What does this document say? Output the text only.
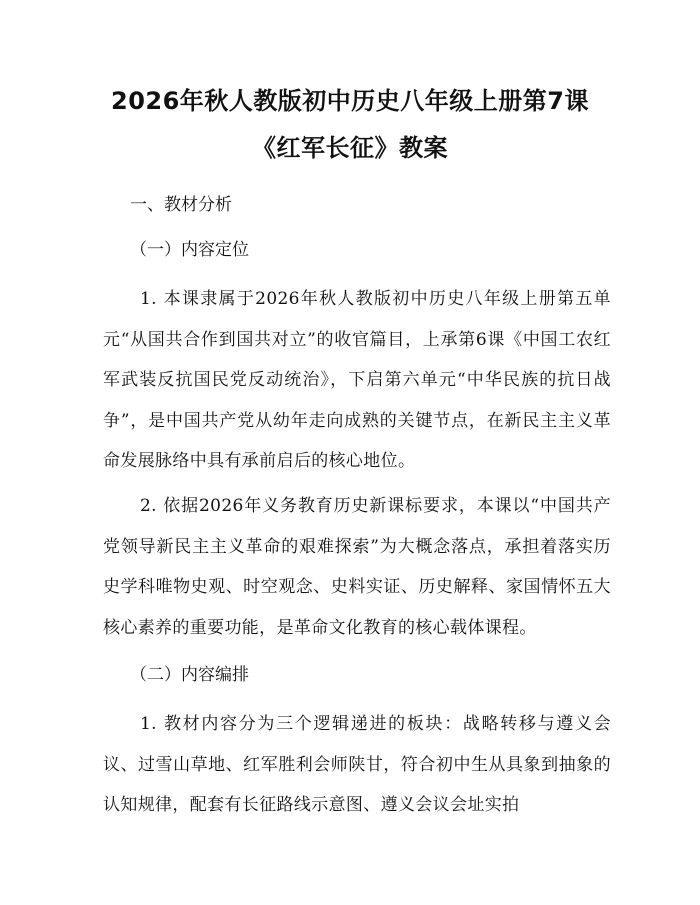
2026年秋人教版初中历史八年级上册第7课
《红军长征》教案
一、教材分析
（一）内容定位
1. 本课隶属于2026年秋人教版初中历史八年级上册第五单元“从国共合作到国共对立”的收官篇目，上承第6课《中国工农红军武装反抗国民党反动统治》，下启第六单元“中华民族的抗日战争”，是中国共产党从幼年走向成熟的关键节点，在新民主主义革命发展脉络中具有承前启后的核心地位。
2. 依据2026年义务教育历史新课标要求，本课以“中国共产党领导新民主主义革命的艰难探索”为大概念落点，承担着落实历史学科唯物史观、时空观念、史料实证、历史解释、家国情怀五大核心素养的重要功能，是革命文化教育的核心载体课程。
（二）内容编排
1. 教材内容分为三个逻辑递进的板块：战略转移与遵义会议、过雪山草地、红军胜利会师陕甘，符合初中生从具象到抽象的认知规律，配套有长征路线示意图、遵义会议会址实拍
